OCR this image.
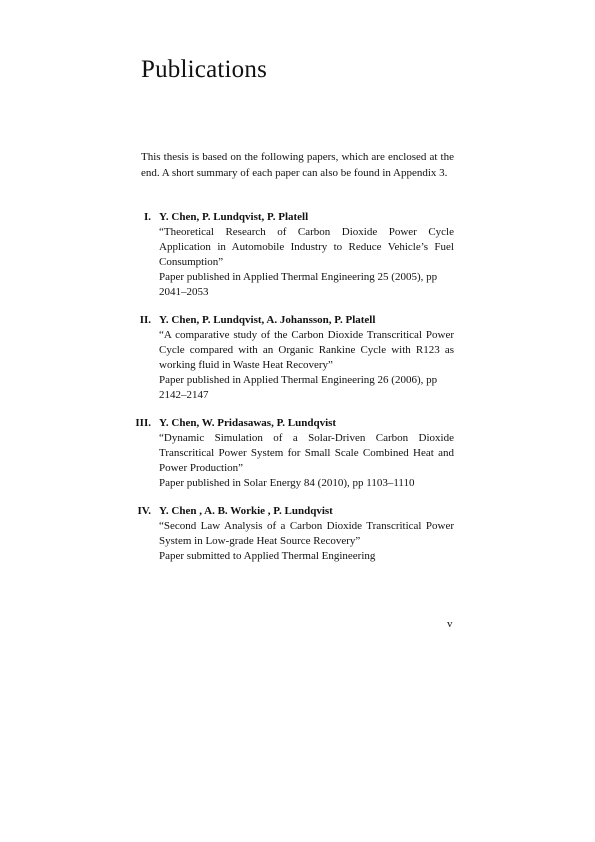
Publications

This thesis is based on the following papers, which are enclosed at the end. A short summary of each paper can also be found in Appendix 3.

I. Y. Chen, P. Lundqvist, P. Platell
“Theoretical Research of Carbon Dioxide Power Cycle Application in Automobile Industry to Reduce Vehicle’s Fuel Consumption”
Paper published in Applied Thermal Engineering 25 (2005), pp 2041–2053
II. Y. Chen, P. Lundqvist, A. Johansson, P. Platell
“A comparative study of the Carbon Dioxide Transcritical Power Cycle compared with an Organic Rankine Cycle with R123 as working fluid in Waste Heat Recovery”
Paper published in Applied Thermal Engineering 26 (2006), pp 2142–2147
III. Y. Chen, W. Pridasawas, P. Lundqvist
“Dynamic Simulation of a Solar-Driven Carbon Dioxide Transcritical Power System for Small Scale Combined Heat and Power Production”
Paper published in Solar Energy 84 (2010), pp 1103–1110
IV. Y. Chen , A. B. Workie , P. Lundqvist
“Second Law Analysis of a Carbon Dioxide Transcritical Power System in Low-grade Heat Source Recovery”
Paper submitted to Applied Thermal Engineering
v
